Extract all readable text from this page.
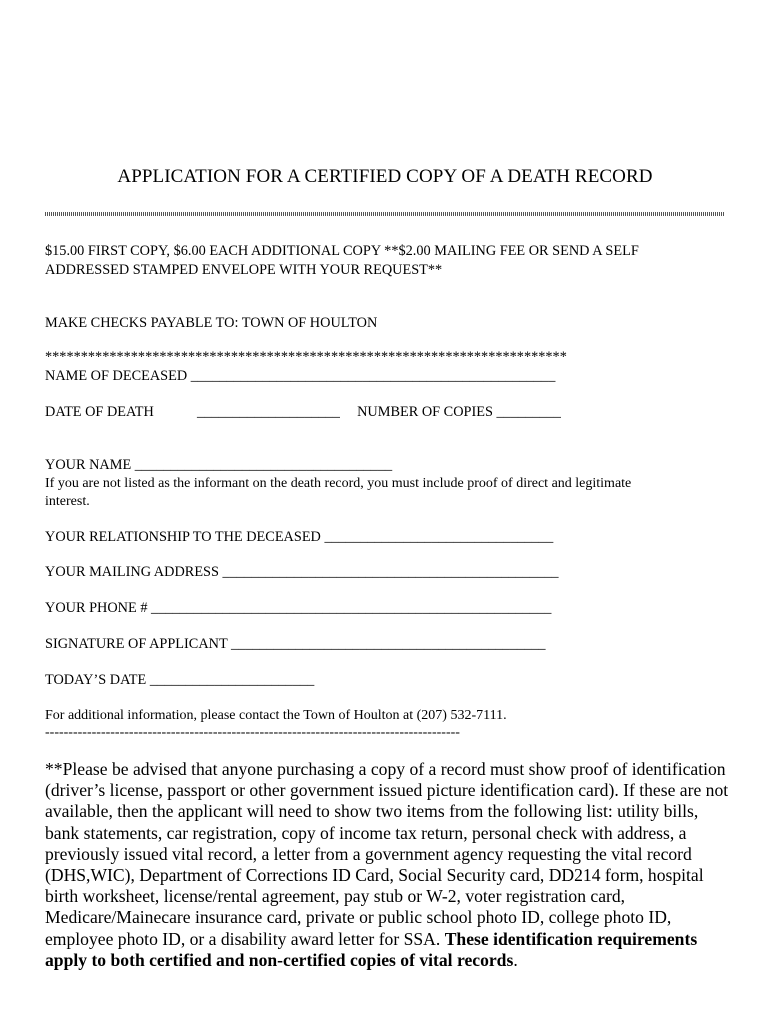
APPLICATION FOR A CERTIFIED COPY OF A DEATH RECORD
$15.00 FIRST COPY, $6.00 EACH ADDITIONAL COPY **$2.00 MAILING FEE OR SEND A SELF
ADDRESSED STAMPED ENVELOPE WITH YOUR REQUEST**
MAKE CHECKS PAYABLE TO: TOWN OF HOULTON
*************************************************************************
NAME OF DECEASED ___________________________________________________
DATE OF DEATH	____________________ NUMBER OF COPIES _________
YOUR NAME ____________________________________
If you are not listed as the informant on the death record, you must include proof of direct and legitimate
interest.
YOUR RELATIONSHIP TO THE DECEASED ________________________________
YOUR MAILING ADDRESS _______________________________________________
YOUR PHONE # ________________________________________________________
SIGNATURE OF APPLICANT ____________________________________________
TODAY’S DATE _______________________
For additional information, please contact the Town of Houlton at (207) 532-7111.
-----------------------------------------------------------------------------------------
**Please be advised that anyone purchasing a copy of a record must show proof of identification (driver’s license, passport or other government issued picture identification card). If these are not available, then the applicant will need to show two items from the following list: utility bills, bank statements, car registration, copy of income tax return, personal check with address, a previously issued vital record, a letter from a government agency requesting the vital record (DHS,WIC), Department of Corrections ID Card, Social Security card, DD214 form, hospital birth worksheet, license/rental agreement, pay stub or W-2, voter registration card, Medicare/Mainecare insurance card, private or public school photo ID, college photo ID, employee photo ID, or a disability award letter for SSA. These identification requirements apply to both certified and non-certified copies of vital records.
